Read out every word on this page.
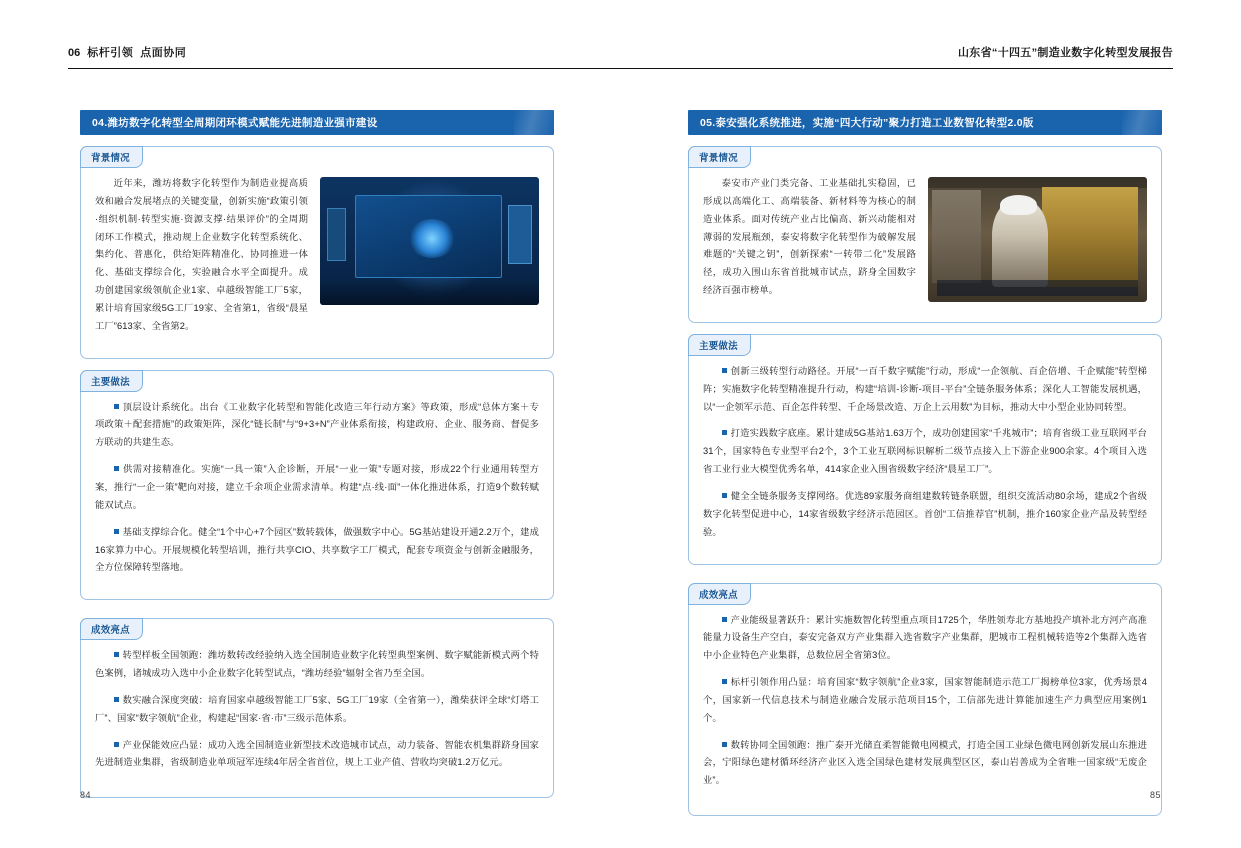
06 标杆引领 点面协同	山东省“十四五”制造业数字化转型发展报告
04.潍坊数字化转型全周期闭环模式赋能先进制造业强市建设
背景情况

近年来，潍坊将数字化转型作为制造业提高质效和融合发展堵点的关键变量，创新实施“政策引领·组织机制·转型实施·资源支撑·结果评价”的全周期闭环工作模式，推动规上企业数字化转型系统化、集约化、普惠化，供给矩阵精准化、协同推进一体化、基础支撑综合化，实验融合水平全面提升。成功创建国家级领航企业1家、卓越级智能工厂5家，累计培育国家级5G工厂19家、全省第1，省级“晨星工厂”613家、全省第2。

主要做法

顶层设计系统化。出台《工业数字化转型和智能化改造三年行动方案》等政策，形成“总体方案＋专项政策＋配套措施”的政策矩阵，深化“链长制”与“9+3+N”产业体系衔接，构建政府、企业、服务商、督促多方联动的共建生态。

供需对接精准化。实施“一具一策”入企诊断，开展“一业一策”专题对接，形成22个行业通用转型方案，推行“一企一策”靶向对接，建立千余项企业需求清单。构建“点·线·面”一体化推进体系，打造9个数转赋能双试点。

基础支撑综合化。健全“1个中心+7个园区”数转载体，做强数字中心。5G基站建设开通2.2万个，建成16家算力中心。开展规模化转型培训，推行共享CIO、共享数字工厂模式，配套专项资金与创新金融服务，全方位保障转型落地。

成效亮点

转型样板全国领跑：潍坊数转改经验纳入选全国制造业数字化转型典型案例、数字赋能新模式两个特色案例，诸城成功入选中小企业数字化转型试点，“潍坊经验”辐射全省乃至全国。

数实融合深度突破：培育国家卓越级智能工厂5家、5G工厂19家（全省第一），潍柴获评全球“灯塔工厂”、国家“数字领航”企业，构建起“国家·省·市”三级示范体系。

产业保能效应凸显：成功入选全国制造业新型技术改造城市试点，动力装备、智能农机集群跻身国家先进制造业集群，省级制造业单项冠军连续4年居全省首位，规上工业产值、营收均突破1.2万亿元。

05.泰安强化系统推进，实施“四大行动”聚力打造工业数智化转型2.0版
背景情况

泰安市产业门类完备、工业基础扎实稳固，已形成以高端化工、高端装备、新材料等为核心的制造业体系。面对传统产业占比偏高、新兴动能相对薄弱的发展瓶颈，泰安将数字化转型作为破解发展难题的“关键之钥”，创新探索“一转带二化”发展路径，成功入围山东省首批城市试点，跻身全国数字经济百强市榜单。

主要做法

创新三级转型行动路径。开展“一百千数字赋能”行动，形成“一企领航、百企倍增、千企赋能”转型梯阵；实施数字化转型精准提升行动，构建“培训-诊断-项目-平台”全链条服务体系；深化人工智能发展机遇，以“一企领军示范、百企怎件转型、千企场景改造、万企上云用数”为目标，推动大中小型企业协同转型。

打造实践数字底座。累计建成5G基站1.63万个，成功创建国家“千兆城市”；培育省级工业互联网平台31个，国家特色专业型平台2个，3个工业互联网标识解析二级节点接入上下游企业900余家。4个项目入选省工业行业大模型优秀名单，414家企业入围省级数字经济“晨星工厂”。

健全全链条服务支撑网络。优选89家服务商组建数转链条联盟，组织交流活动80余场，建成2个省级数字化转型促进中心，14家省级数字经济示范园区。首创“工信推荐官”机制，推介160家企业产品及转型经验。

成效亮点

产业能级显著跃升：累计实施数智化转型重点项目1725个，华胜领寿北方基地投产填补北方河产高准能量力设备生产空白，泰安完备双方产业集群入选省数字产业集群，肥城市工程机械转造等2个集群入选省中小企业特色产业集群，总数位居全省第3位。

标杆引领作用凸显：培育国家“数字领航”企业3家，国家智能制造示范工厂揭榜单位3家，优秀场景4个，国家新一代信息技术与制造业融合发展示范项目15个，工信部先进计算能加速生产力典型应用案例1个。

数转协同全国领跑：推广泰开光储直柔智能微电网模式，打造全国工业绿色微电网创新发展山东推进会，宁阳绿色建材循环经济产业区入选全国绿色建材发展典型区区，泰山岩善成为全省唯一国家级“无废企业”。

84	85
